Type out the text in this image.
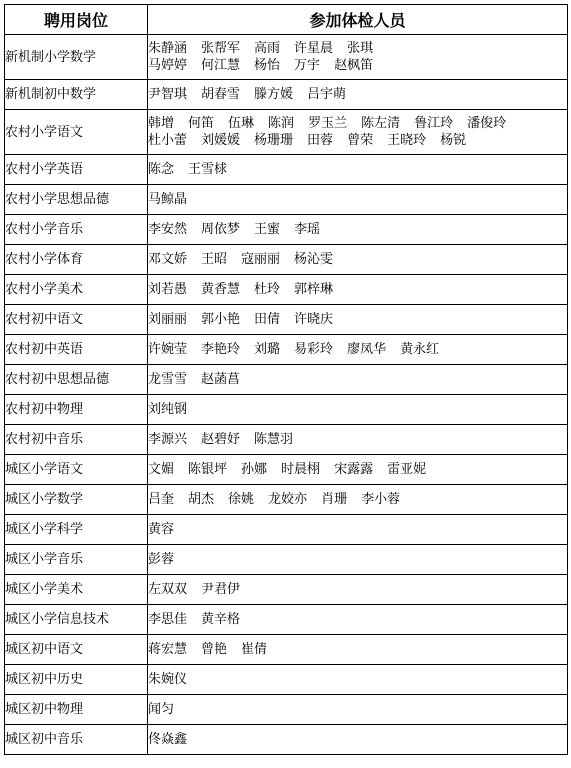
聘用岗位	参加体检人员
新机制小学数学	朱静涵 张帮军 高雨 许星晨 张琪
马婷婷 何江慧 杨怡 万宇 赵枫笛

新机制初中数学	尹智琪 胡春雪 滕方媛 吕宇萌

农村小学语文	韩增 何笛 伍琳 陈润 罗玉兰 陈左清 鲁江玲 潘俊玲
杜小蕾 刘媛媛 杨珊珊 田蓉 曾荣 王晓玲 杨锐

农村小学英语	陈念 王雪梂

农村小学思想品德	马鲸晶

农村小学音乐	李安然 周依梦 王蜜 李瑶

农村小学体育	邓文娇 王昭 寇丽丽 杨沁雯

农村小学美术	刘若愚 黄香慧 杜玲 郭梓琳

农村初中语文	刘丽丽 郭小艳 田倩 许晓庆

农村初中英语	许婉莹 李艳玲 刘璐 易彩玲 廖凤华 黄永红

农村初中思想品德	龙雪雪 赵菡菖

农村初中物理	刘纯钢

农村初中音乐	李源兴 赵碧妤 陈慧羽

城区小学语文	文媚 陈银坪 孙娜 时晨栩 宋露露 雷亚妮

城区小学数学	吕奎 胡杰 徐姚 龙姣亦 肖珊 李小蓉

城区小学科学	黄容

城区小学音乐	彭蓉

城区小学美术	左双双 尹君伊

城区小学信息技术	李思佳 黄辛格

城区初中语文	蒋宏慧 曾艳 崔倩

城区初中历史	朱婉仪

城区初中物理	闻匀

城区初中音乐	佟焱鑫
